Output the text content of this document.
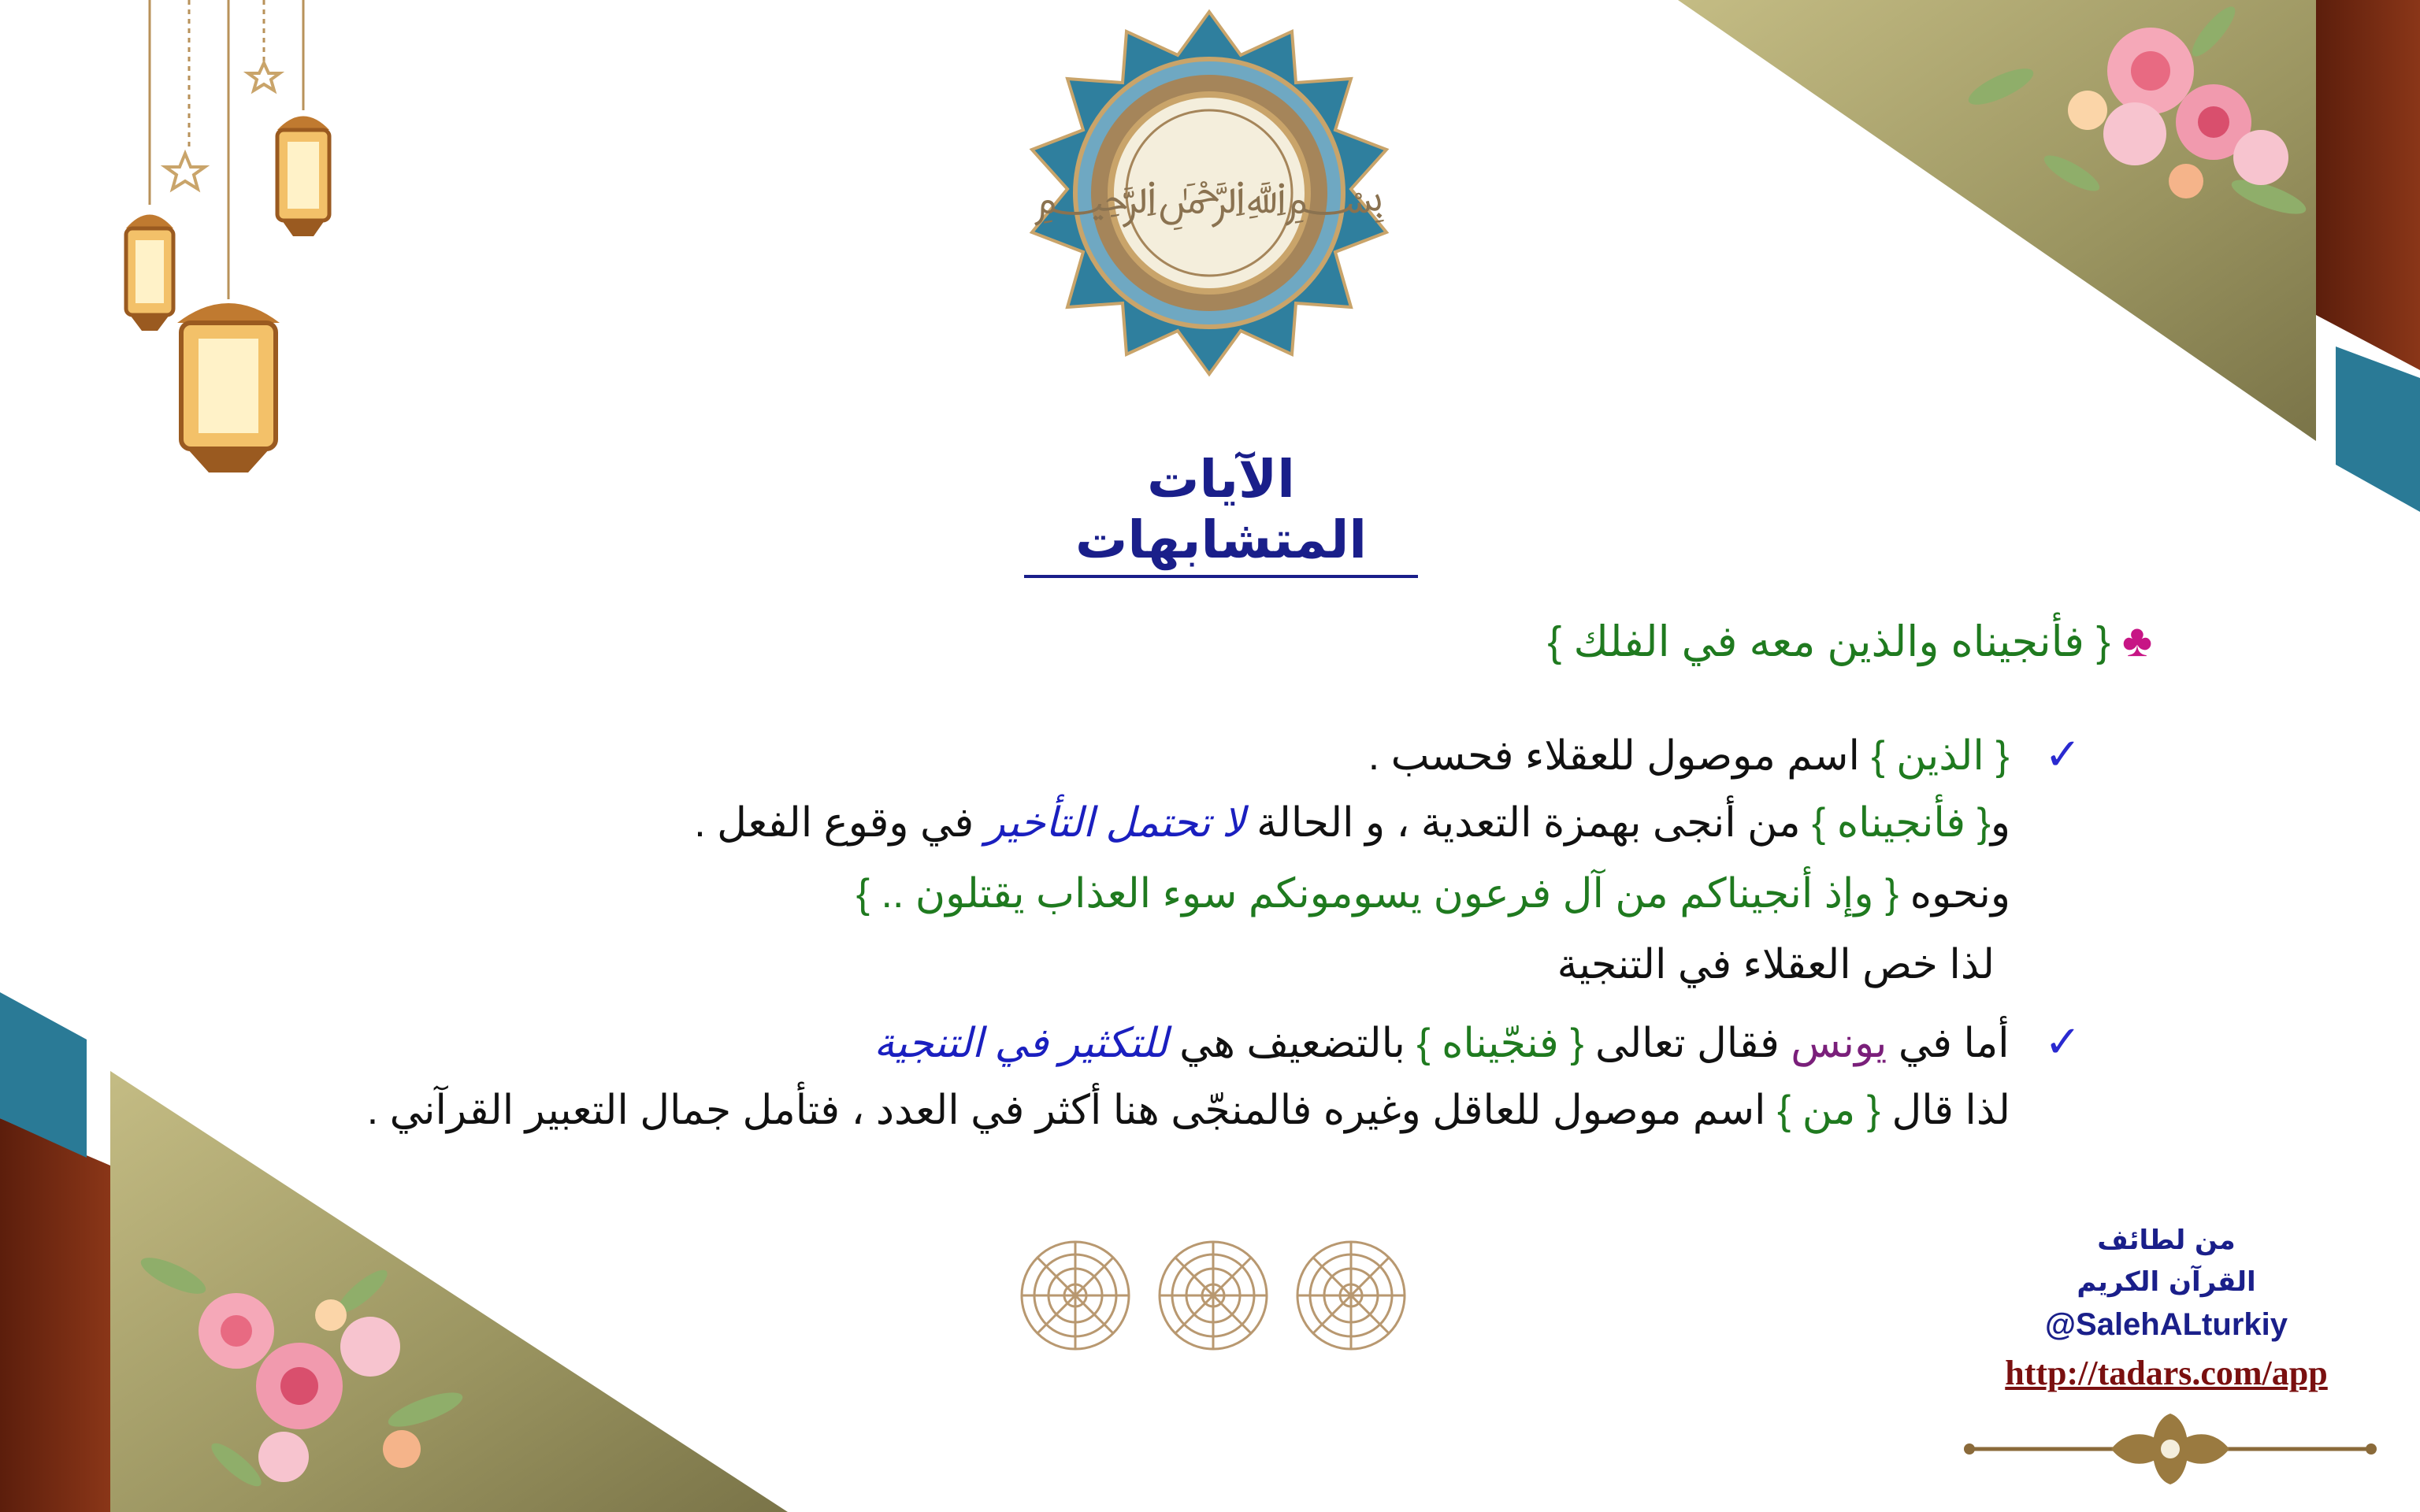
﷽
الآيات المتشابهات
♣ { فأنجيناه والذين معه في الفلك }
✓ { الذين } اسم موصول للعقلاء فحسب .
و{ فأنجيناه } من أنجى بهمزة التعدية ، و الحالة لا تحتمل التأخير في وقوع الفعل .
ونحوه { وإذ أنجيناكم من آل فرعون يسومونكم سوء العذاب يقتلون .. }
لذا خص العقلاء في التنجية
✓ أما في يونس فقال تعالى { فنجّيناه } بالتضعيف هي للتكثير في التنجية
لذا قال { من } اسم موصول للعاقل وغيره فالمنجّى هنا أكثر في العدد ، فتأمل جمال التعبير القرآني .
من لطائف
القرآن الكريم
@SalehALturkiy
http://tadars.com/app
